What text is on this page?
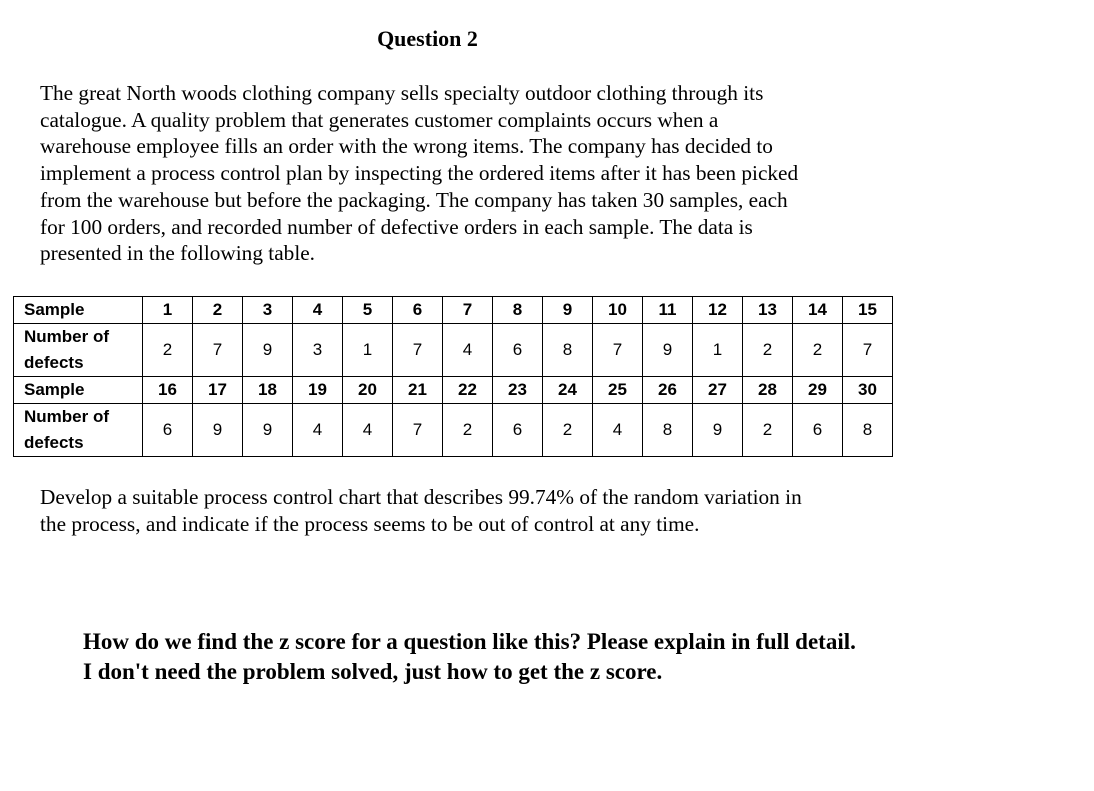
Question 2
The great North woods clothing company sells specialty outdoor clothing through its
catalogue. A quality problem that generates customer complaints occurs when a
warehouse employee fills an order with the wrong items. The company has decided to
implement a process control plan by inspecting the ordered items after it has been picked
from the warehouse but before the packaging. The company has taken 30 samples, each
for 100 orders, and recorded number of defective orders in each sample. The data is
presented in the following table.
Sample	1	2	3	4	5	6	7	8	9	10	11	12	13	14	15

Number of
defects	2	7	9	3	1	7	4	6	8	7	9	1	2	2	7

Sample	16	17	18	19	20	21	22	23	24	25	26	27	28	29	30

Number of
defects	6	9	9	4	4	7	2	6	2	4	8	9	2	6	8
Develop a suitable process control chart that describes 99.74% of the random variation in
the process, and indicate if the process seems to be out of control at any time.
How do we find the z score for a question like this? Please explain in full detail.
I don't need the problem solved, just how to get the z score.
